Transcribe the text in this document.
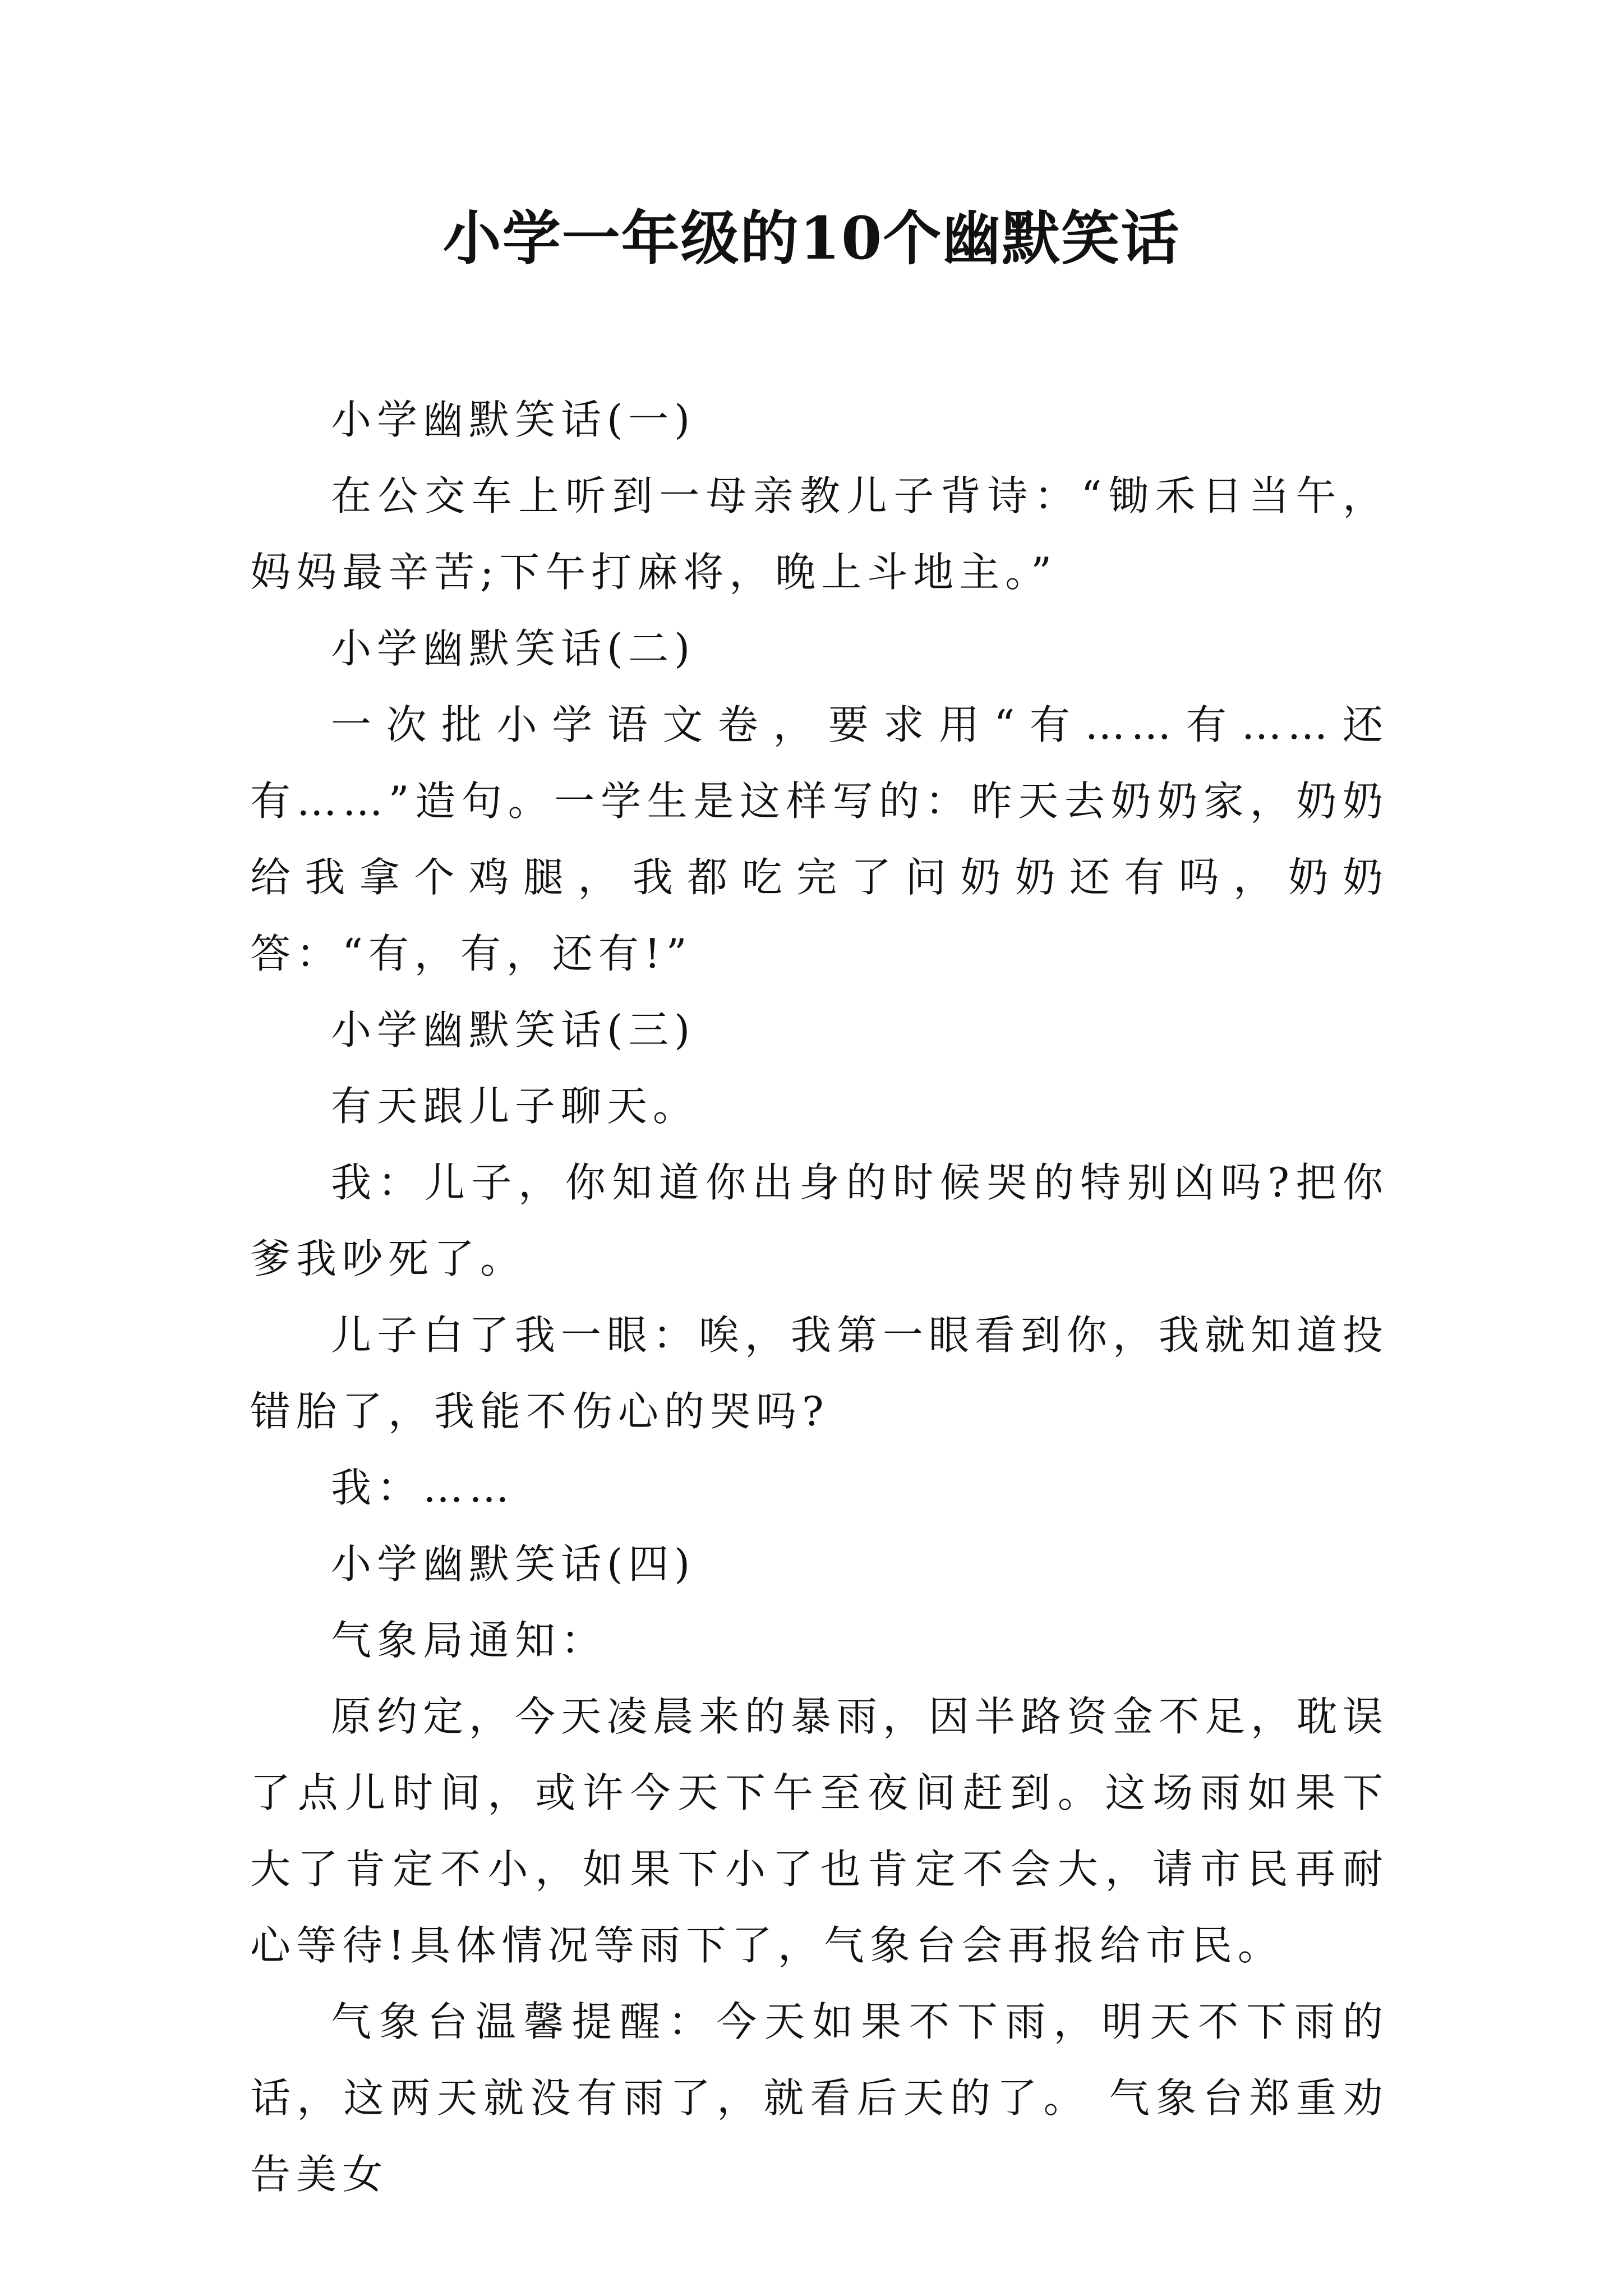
小学一年级的10个幽默笑话

小学幽默笑话(一)

在公交车上听到一母亲教儿子背诗：“锄禾日当午，妈妈最辛苦;下午打麻将，晚上斗地主。”

小学幽默笑话(二)

一次批小学语文卷，要求用“有……有……还有……”造句。一学生是这样写的：昨天去奶奶家，奶奶给我拿个鸡腿，我都吃完了问奶奶还有吗，奶奶答：“有，有，还有!”

小学幽默笑话(三)

有天跟儿子聊天。

我：儿子，你知道你出身的时候哭的特别凶吗?把你爹我吵死了。

儿子白了我一眼：唉，我第一眼看到你，我就知道投错胎了，我能不伤心的哭吗?

我：……

小学幽默笑话(四)

气象局通知：

原约定，今天凌晨来的暴雨，因半路资金不足，耽误了点儿时间，或许今天下午至夜间赶到。这场雨如果下大了肯定不小，如果下小了也肯定不会大，请市民再耐心等待!具体情况等雨下了，气象台会再报给市民。

气象台温馨提醒：今天如果不下雨，明天不下雨的话，这两天就没有雨了，就看后天的了。 气象台郑重劝告美女
